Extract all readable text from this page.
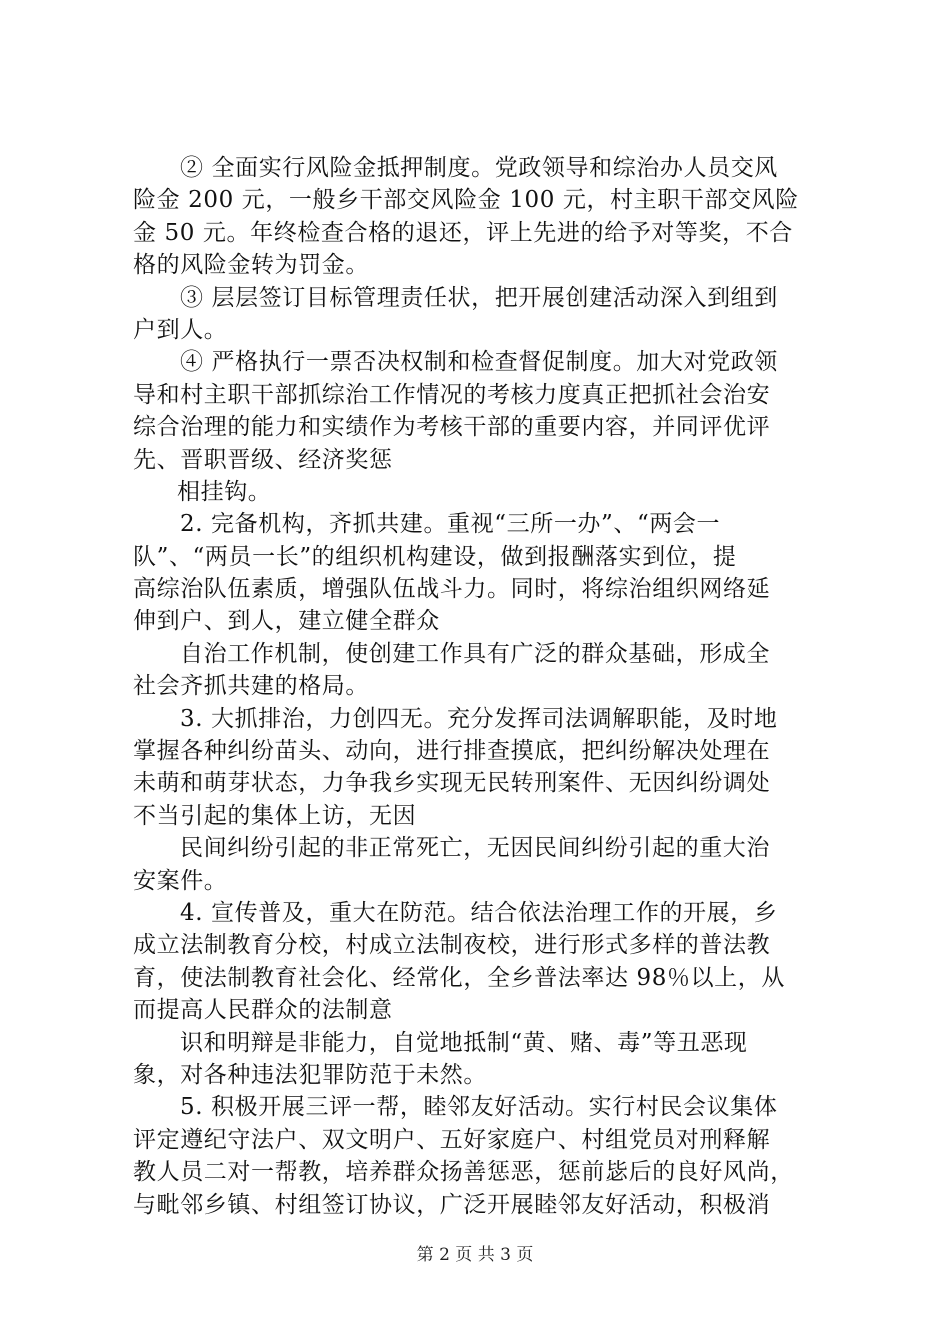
② 全面实行风险金抵押制度。党政领导和综治办人员交风
险金 200 元，一般乡干部交风险金 100 元，村主职干部交风险
金 50 元。年终检查合格的退还，评上先进的给予对等奖，不合
格的风险金转为罚金。
③ 层层签订目标管理责任状，把开展创建活动深入到组到
户到人。
④ 严格执行一票否决权制和检查督促制度。加大对党政领
导和村主职干部抓综治工作情况的考核力度真正把抓社会治安
综合治理的能力和实绩作为考核干部的重要内容，并同评优评
先、晋职晋级、经济奖惩
相挂钩。
2. 完备机构，齐抓共建。重视“三所一办”、“两会一
队”、“两员一长”的组织机构建设，做到报酬落实到位，提
高综治队伍素质，增强队伍战斗力。同时，将综治组织网络延
伸到户、到人，建立健全群众
自治工作机制，使创建工作具有广泛的群众基础，形成全
社会齐抓共建的格局。
3. 大抓排治，力创四无。充分发挥司法调解职能，及时地
掌握各种纠纷苗头、动向，进行排查摸底，把纠纷解决处理在
未萌和萌芽状态，力争我乡实现无民转刑案件、无因纠纷调处
不当引起的集体上访，无因
民间纠纷引起的非正常死亡，无因民间纠纷引起的重大治
安案件。
4. 宣传普及，重大在防范。结合依法治理工作的开展，乡
成立法制教育分校，村成立法制夜校，进行形式多样的普法教
育，使法制教育社会化、经常化，全乡普法率达 98％以上，从
而提高人民群众的法制意
识和明辩是非能力，自觉地抵制“黄、赌、毒”等丑恶现
象，对各种违法犯罪防范于未然。
5. 积极开展三评一帮，睦邻友好活动。实行村民会议集体
评定遵纪守法户、双文明户、五好家庭户、村组党员对刑释解
教人员二对一帮教，培养群众扬善惩恶，惩前毖后的良好风尚，
与毗邻乡镇、村组签订协议，广泛开展睦邻友好活动，积极消
第 2 页 共 3 页
